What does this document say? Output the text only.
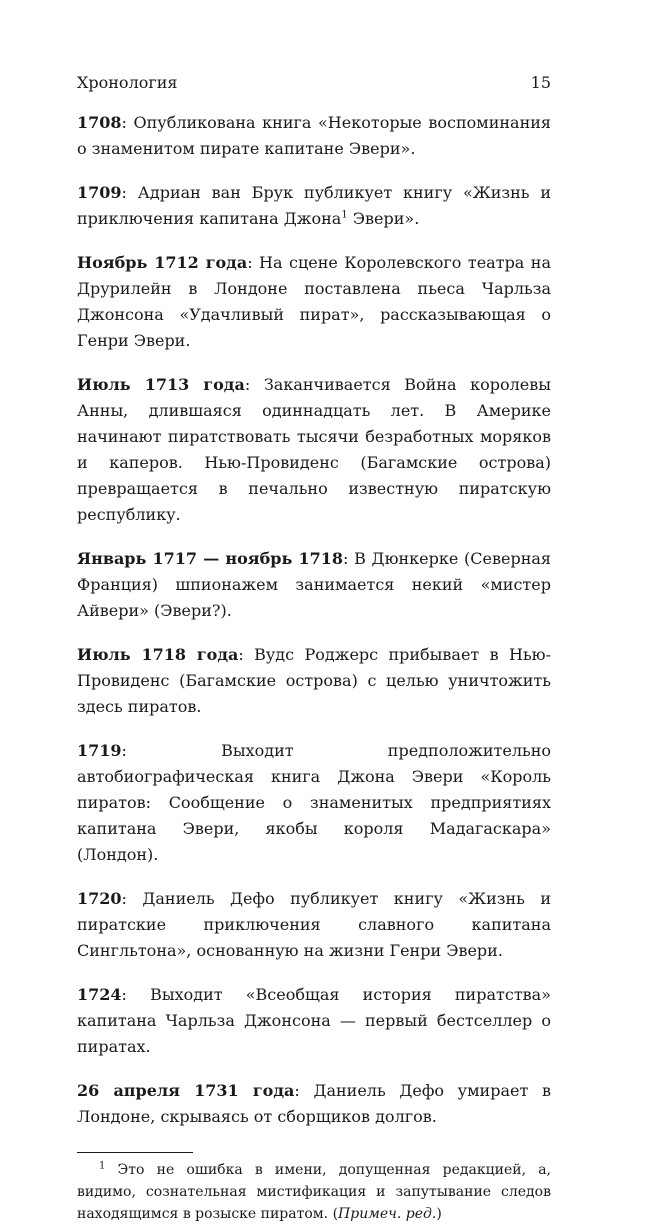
Хронология	15

1708: Опубликована книга «Некоторые воспоминания о знаменитом пирате капитане Эвери».

1709: Адриан ван Брук публикует книгу «Жизнь и приключения капитана Джона$^1$ Эвери».

Ноябрь 1712 года: На сцене Королевского театра на Друрилейн в Лондоне поставлена пьеса Чарльза Джонсона «Удачливый пират», рассказывающая о Генри Эвери.

Июль 1713 года: Заканчивается Война королевы Анны, длившаяся одиннадцать лет. В Америке начинают пиратствовать тысячи безработных моряков и каперов. Нью-Провиденс (Багамские острова) превращается в печально известную пиратскую республику.

Январь 1717 — ноябрь 1718: В Дюнкерке (Северная Франция) шпионажем занимается некий «мистер Айвери» (Эвери?).

Июль 1718 года: Вудс Роджерс прибывает в Нью-Провиденс (Багамские острова) с целью уничтожить здесь пиратов.

1719: Выходит предположительно автобиографическая книга Джона Эвери «Король пиратов: Сообщение о знаменитых предприятиях капитана Эвери, якобы короля Мадагаскара» (Лондон).

1720: Даниель Дефо публикует книгу «Жизнь и пиратские приключения славного капитана Сингльтона», основанную на жизни Генри Эвери.

1724: Выходит «Всеобщая история пиратства» капитана Чарльза Джонсона — первый бестселлер о пиратах.

26 апреля 1731 года: Даниель Дефо умирает в Лондоне, скрываясь от сборщиков долгов.

$^1$ Это не ошибка в имени, допущенная редакцией, а, видимо, сознательная мистификация и запутывание следов находящимся в розыске пиратом. (Примеч. ред.)
